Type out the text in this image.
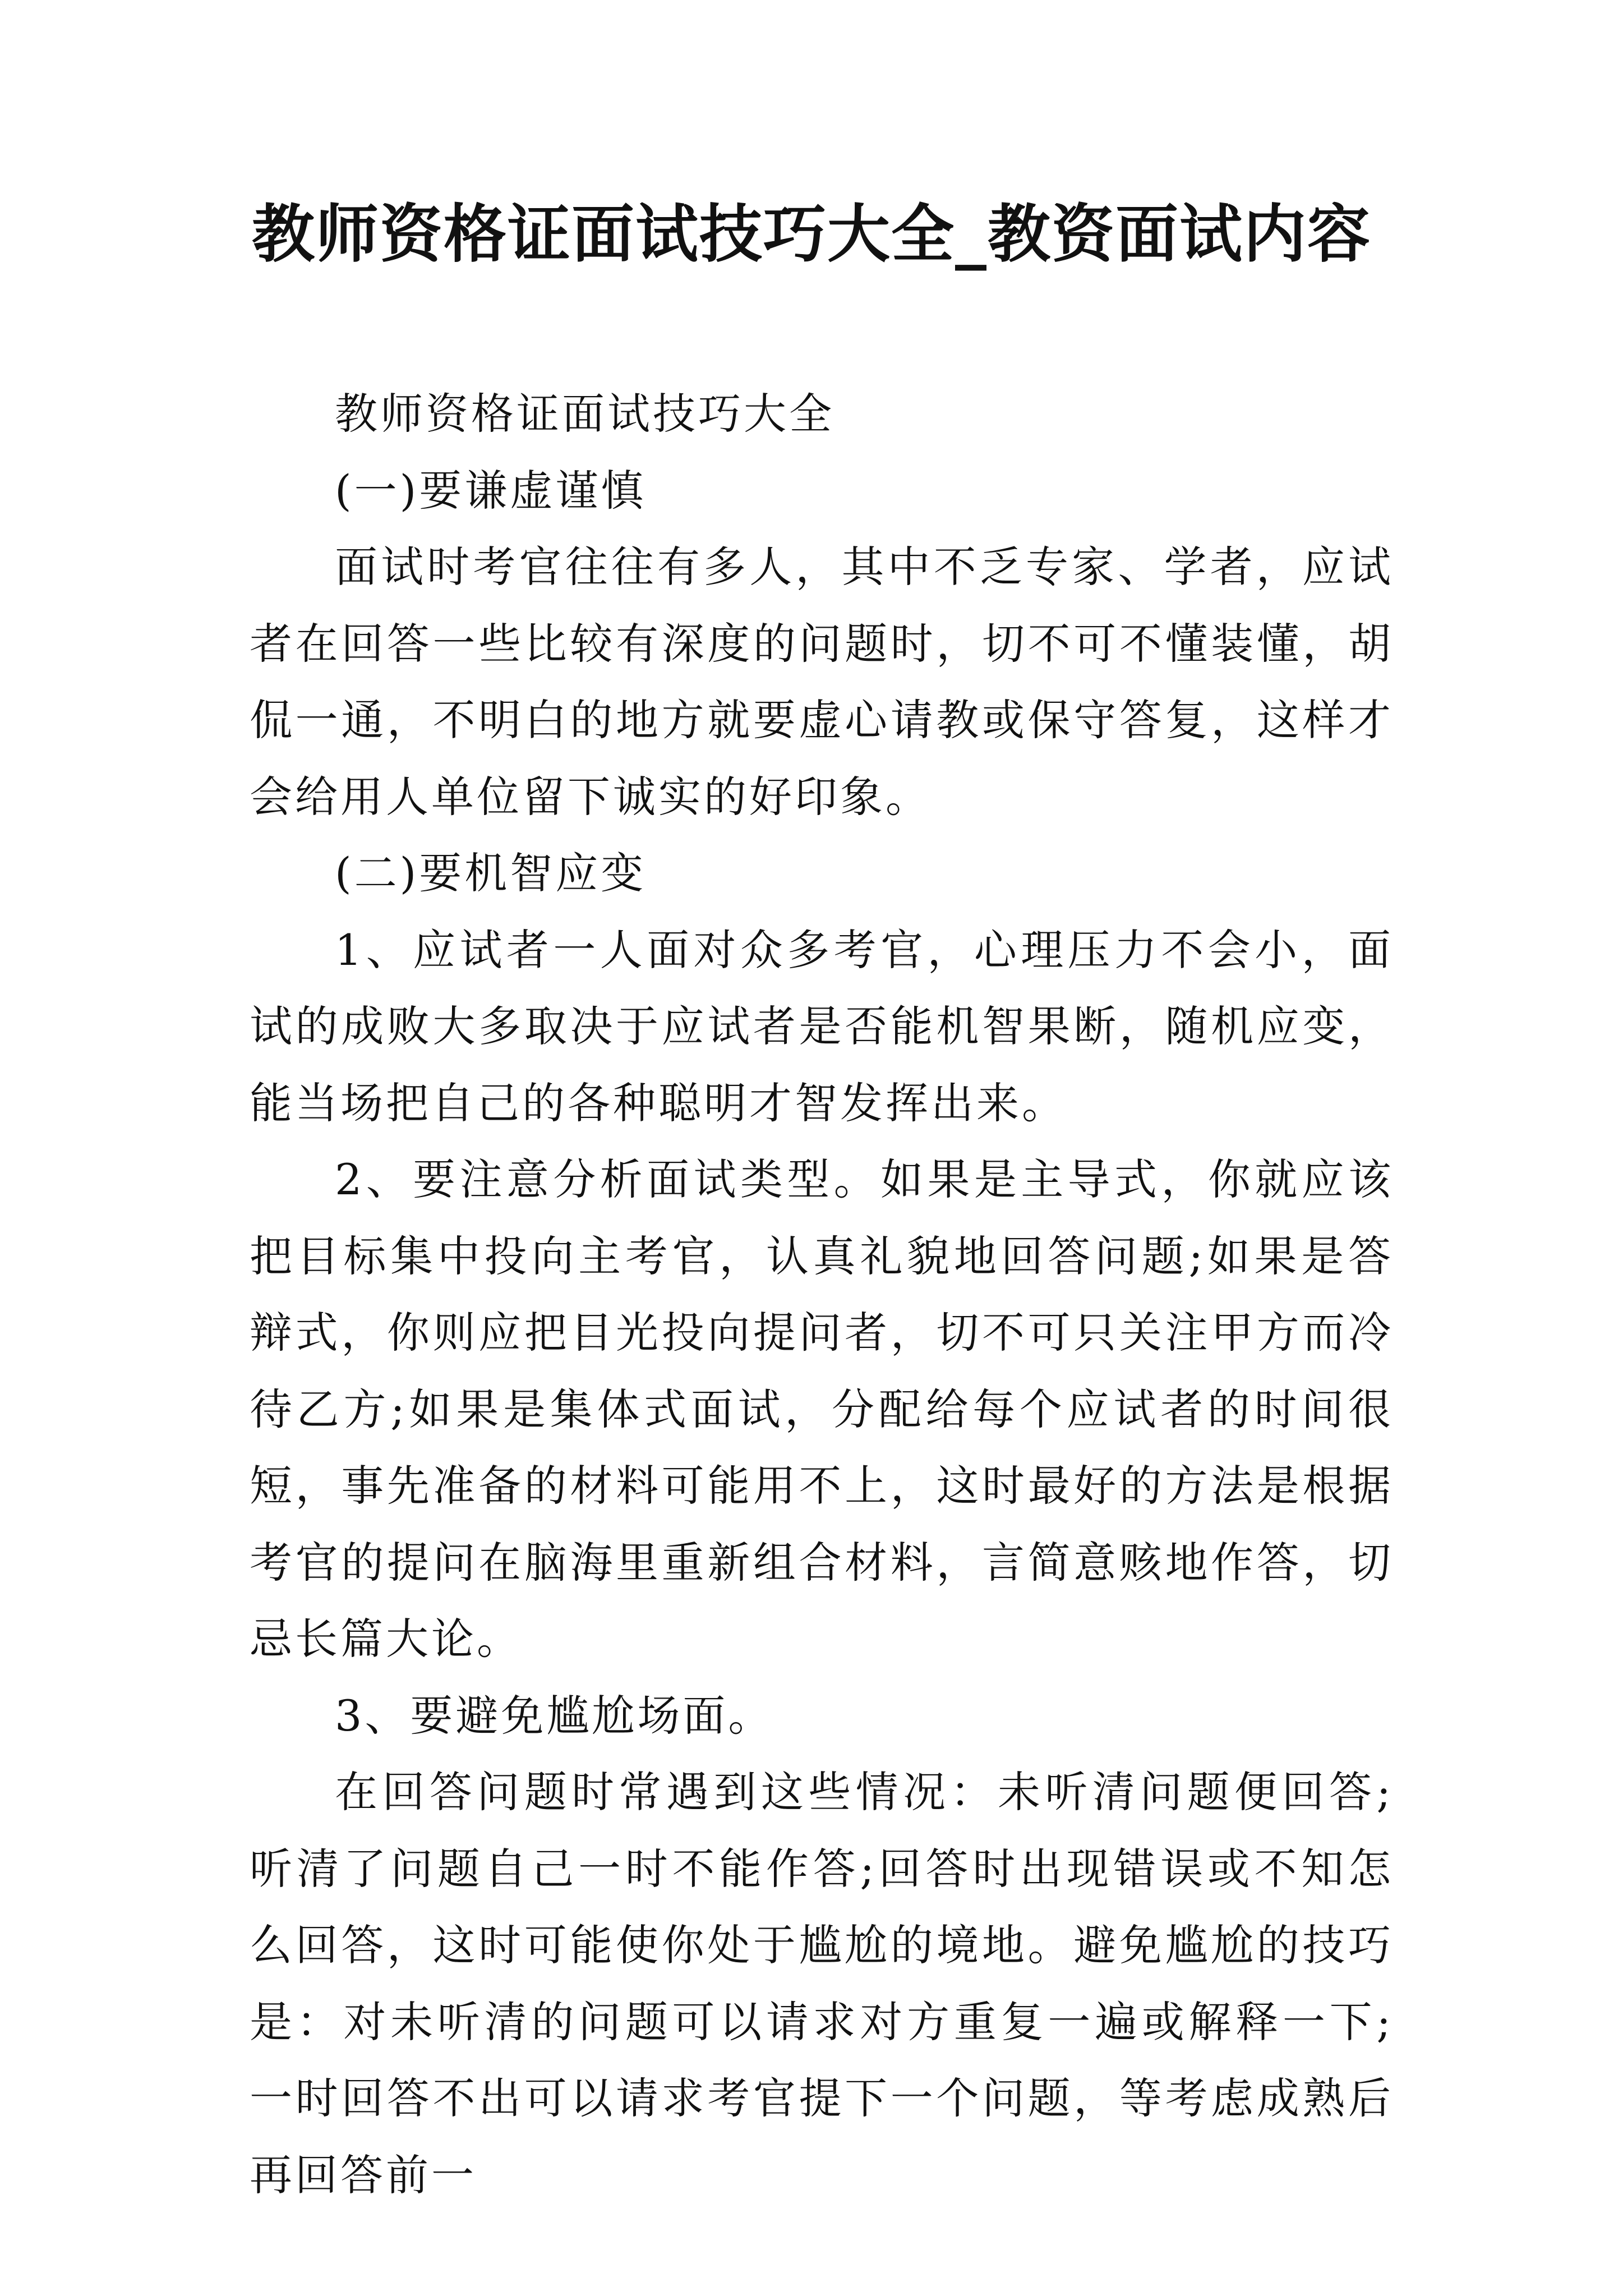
教师资格证面试技巧大全_教资面试内容

教师资格证面试技巧大全

(一)要谦虚谨慎

面试时考官往往有多人，其中不乏专家、学者，应试者在回答一些比较有深度的问题时，切不可不懂装懂，胡侃一通，不明白的地方就要虚心请教或保守答复，这样才会给用人单位留下诚实的好印象。

(二)要机智应变

1、应试者一人面对众多考官，心理压力不会小，面试的成败大多取决于应试者是否能机智果断，随机应变，能当场把自己的各种聪明才智发挥出来。

2、要注意分析面试类型。如果是主导式，你就应该把目标集中投向主考官，认真礼貌地回答问题;如果是答辩式，你则应把目光投向提问者，切不可只关注甲方而冷待乙方;如果是集体式面试，分配给每个应试者的时间很短，事先准备的材料可能用不上，这时最好的方法是根据考官的提问在脑海里重新组合材料，言简意赅地作答，切忌长篇大论。

3、要避免尴尬场面。

在回答问题时常遇到这些情况：未听清问题便回答;听清了问题自己一时不能作答;回答时出现错误或不知怎么回答，这时可能使你处于尴尬的境地。避免尴尬的技巧是：对未听清的问题可以请求对方重复一遍或解释一下;一时回答不出可以请求考官提下一个问题，等考虑成熟后再回答前一
